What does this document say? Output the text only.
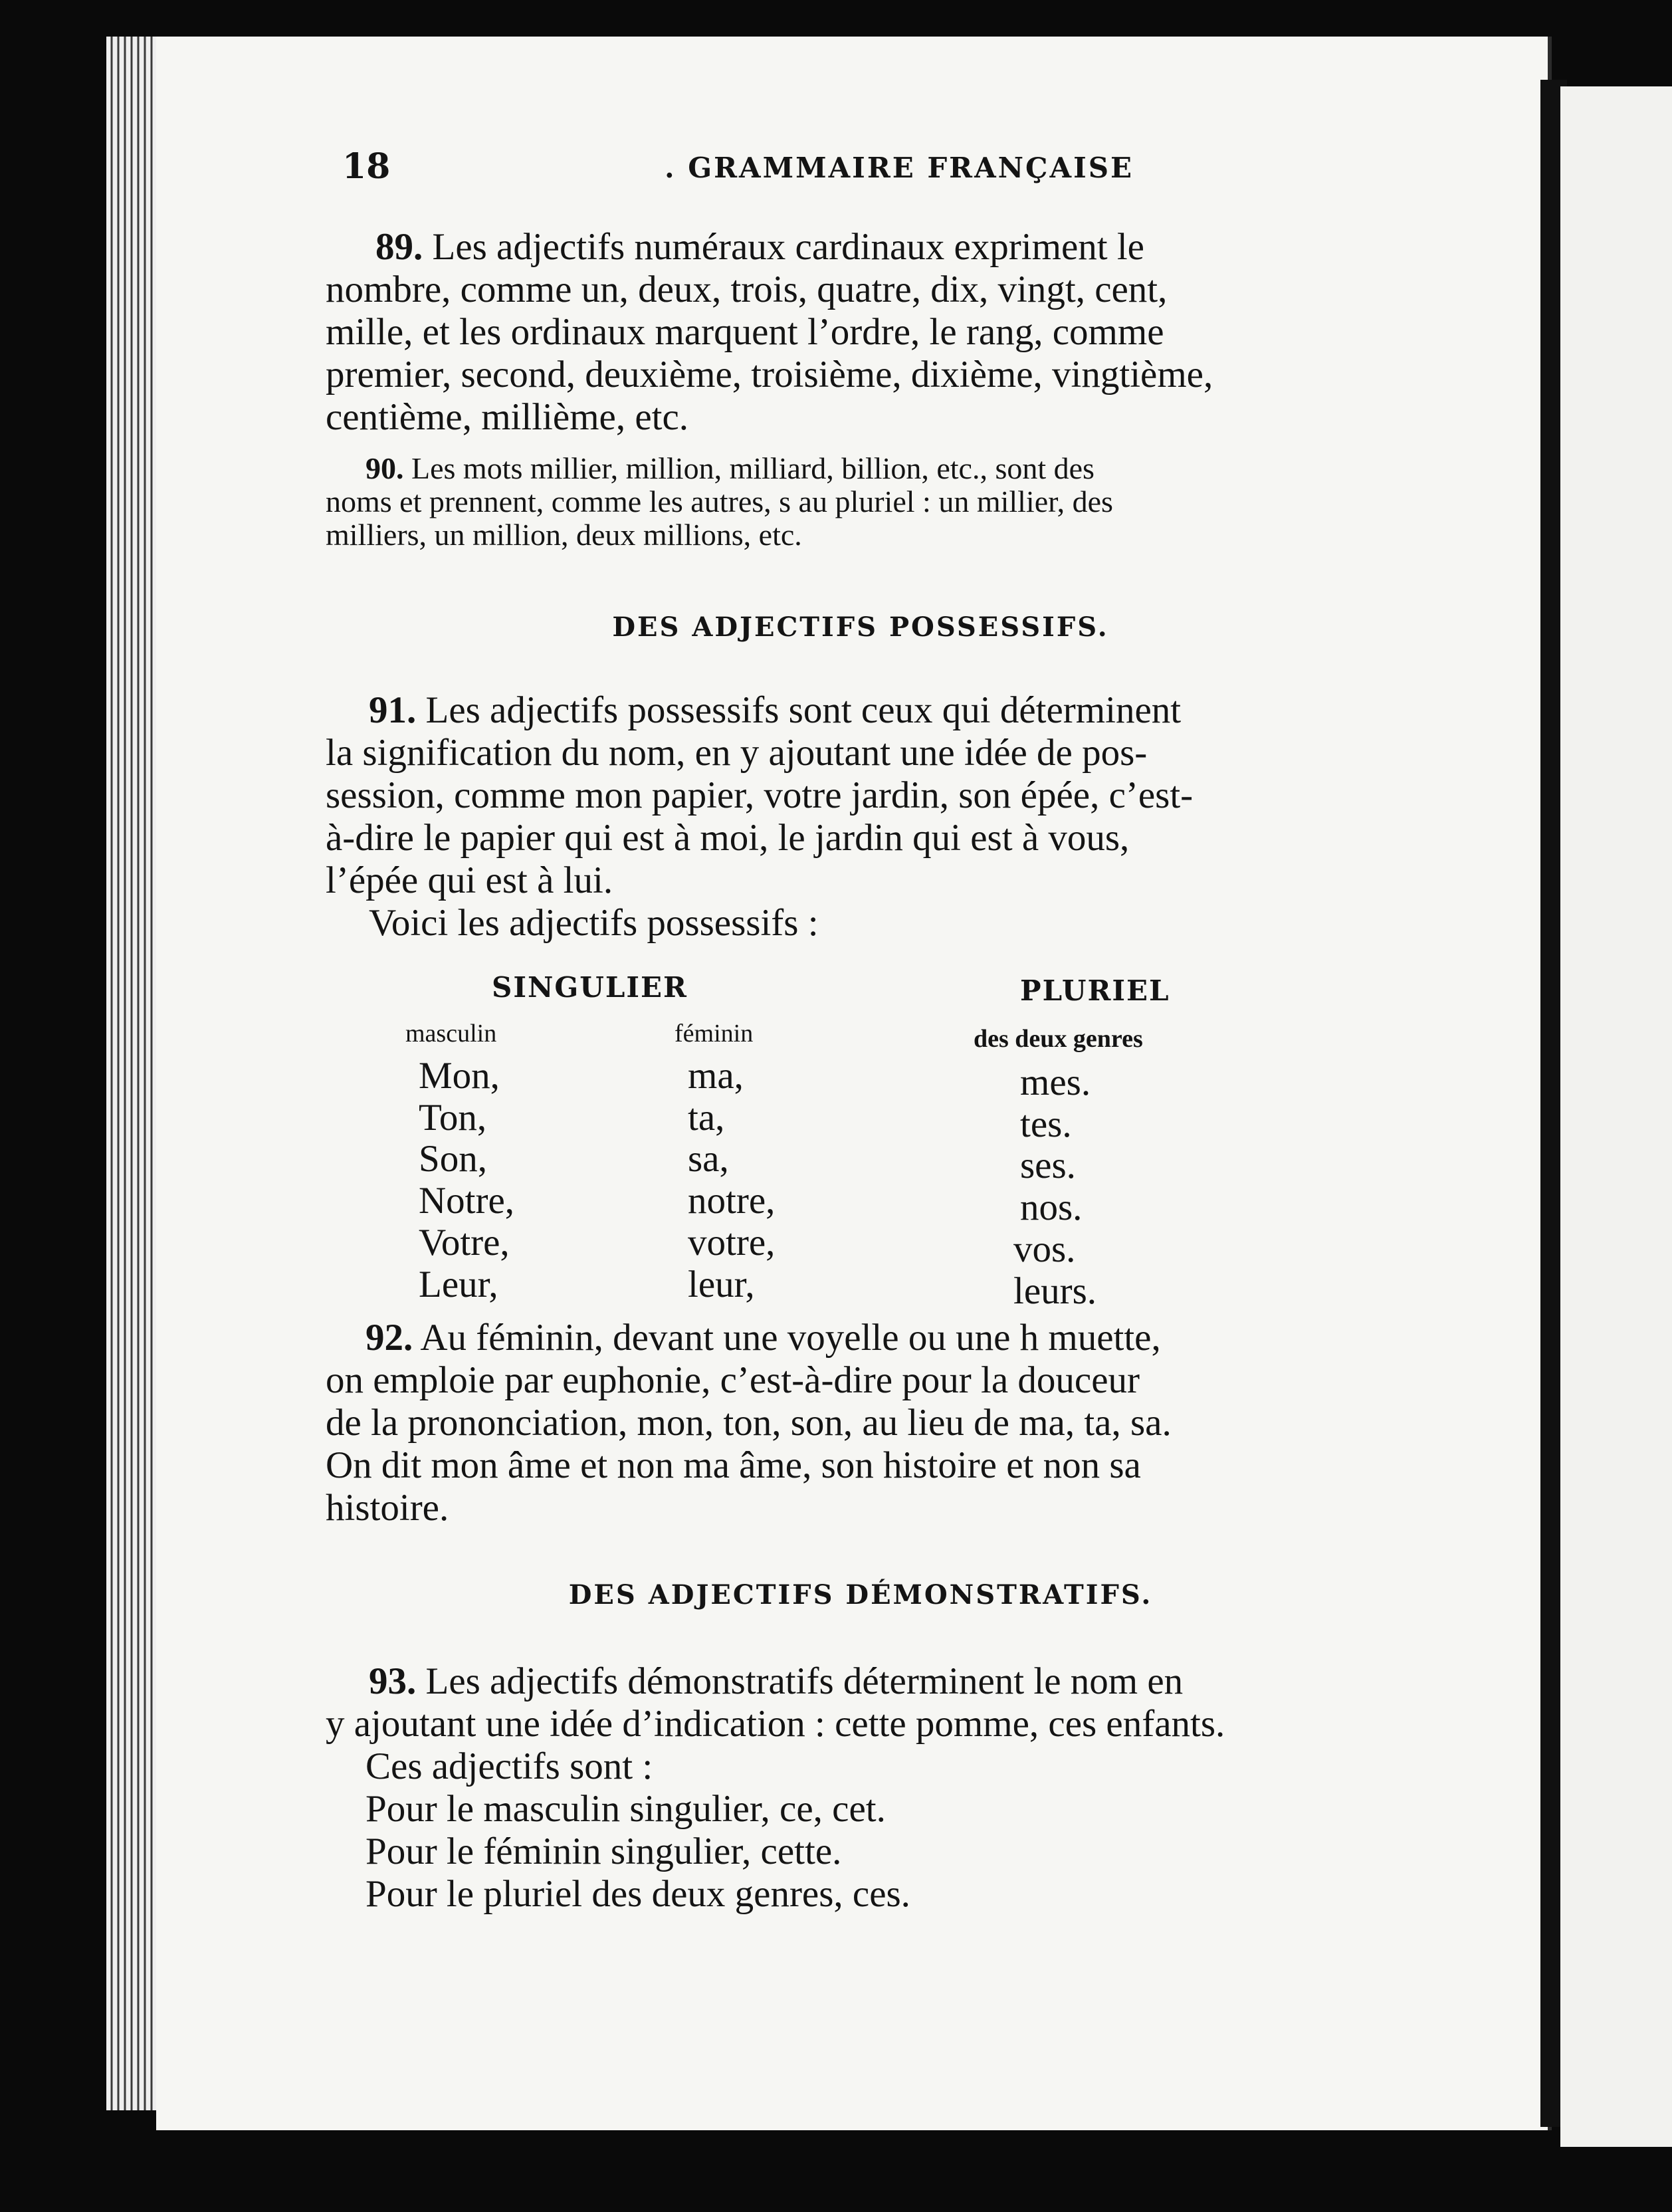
18	. GRAMMAIRE FRANÇAISE
89. Les adjectifs numéraux cardinaux expriment le
nombre, comme un, deux, trois, quatre, dix, vingt, cent,
mille, et les ordinaux marquent l’ordre, le rang, comme
premier, second, deuxième, troisième, dixième, vingtième,
centième, millième, etc.
90. Les mots millier, million, milliard, billion, etc., sont des
noms et prennent, comme les autres, s au pluriel : un millier, des
milliers, un million, deux millions, etc.
DES ADJECTIFS POSSESSIFS.
91. Les adjectifs possessifs sont ceux qui déterminent
la signification du nom, en y ajoutant une idée de pos-
session, comme mon papier, votre jardin, son épée, c’est-
à-dire le papier qui est à moi, le jardin qui est à vous,
l’épée qui est à lui.
Voici les adjectifs possessifs :
SINGULIER	PLURIEL
masculin	féminin	des deux genres
Mon,	ma,	mes.
Ton,	ta,	tes.
Son,	sa,	ses.
Notre,	notre,	nos.
Votre,	votre,	vos.
Leur,	leur,	leurs.
92. Au féminin, devant une voyelle ou une h muette,
on emploie par euphonie, c’est-à-dire pour la douceur
de la prononciation, mon, ton, son, au lieu de ma, ta, sa.
On dit mon âme et non ma âme, son histoire et non sa
histoire.
DES ADJECTIFS DÉMONSTRATIFS.
93. Les adjectifs démonstratifs déterminent le nom en
y ajoutant une idée d’indication : cette pomme, ces enfants.
Ces adjectifs sont :
Pour le masculin singulier, ce, cet.
Pour le féminin singulier, cette.
Pour le pluriel des deux genres, ces.
